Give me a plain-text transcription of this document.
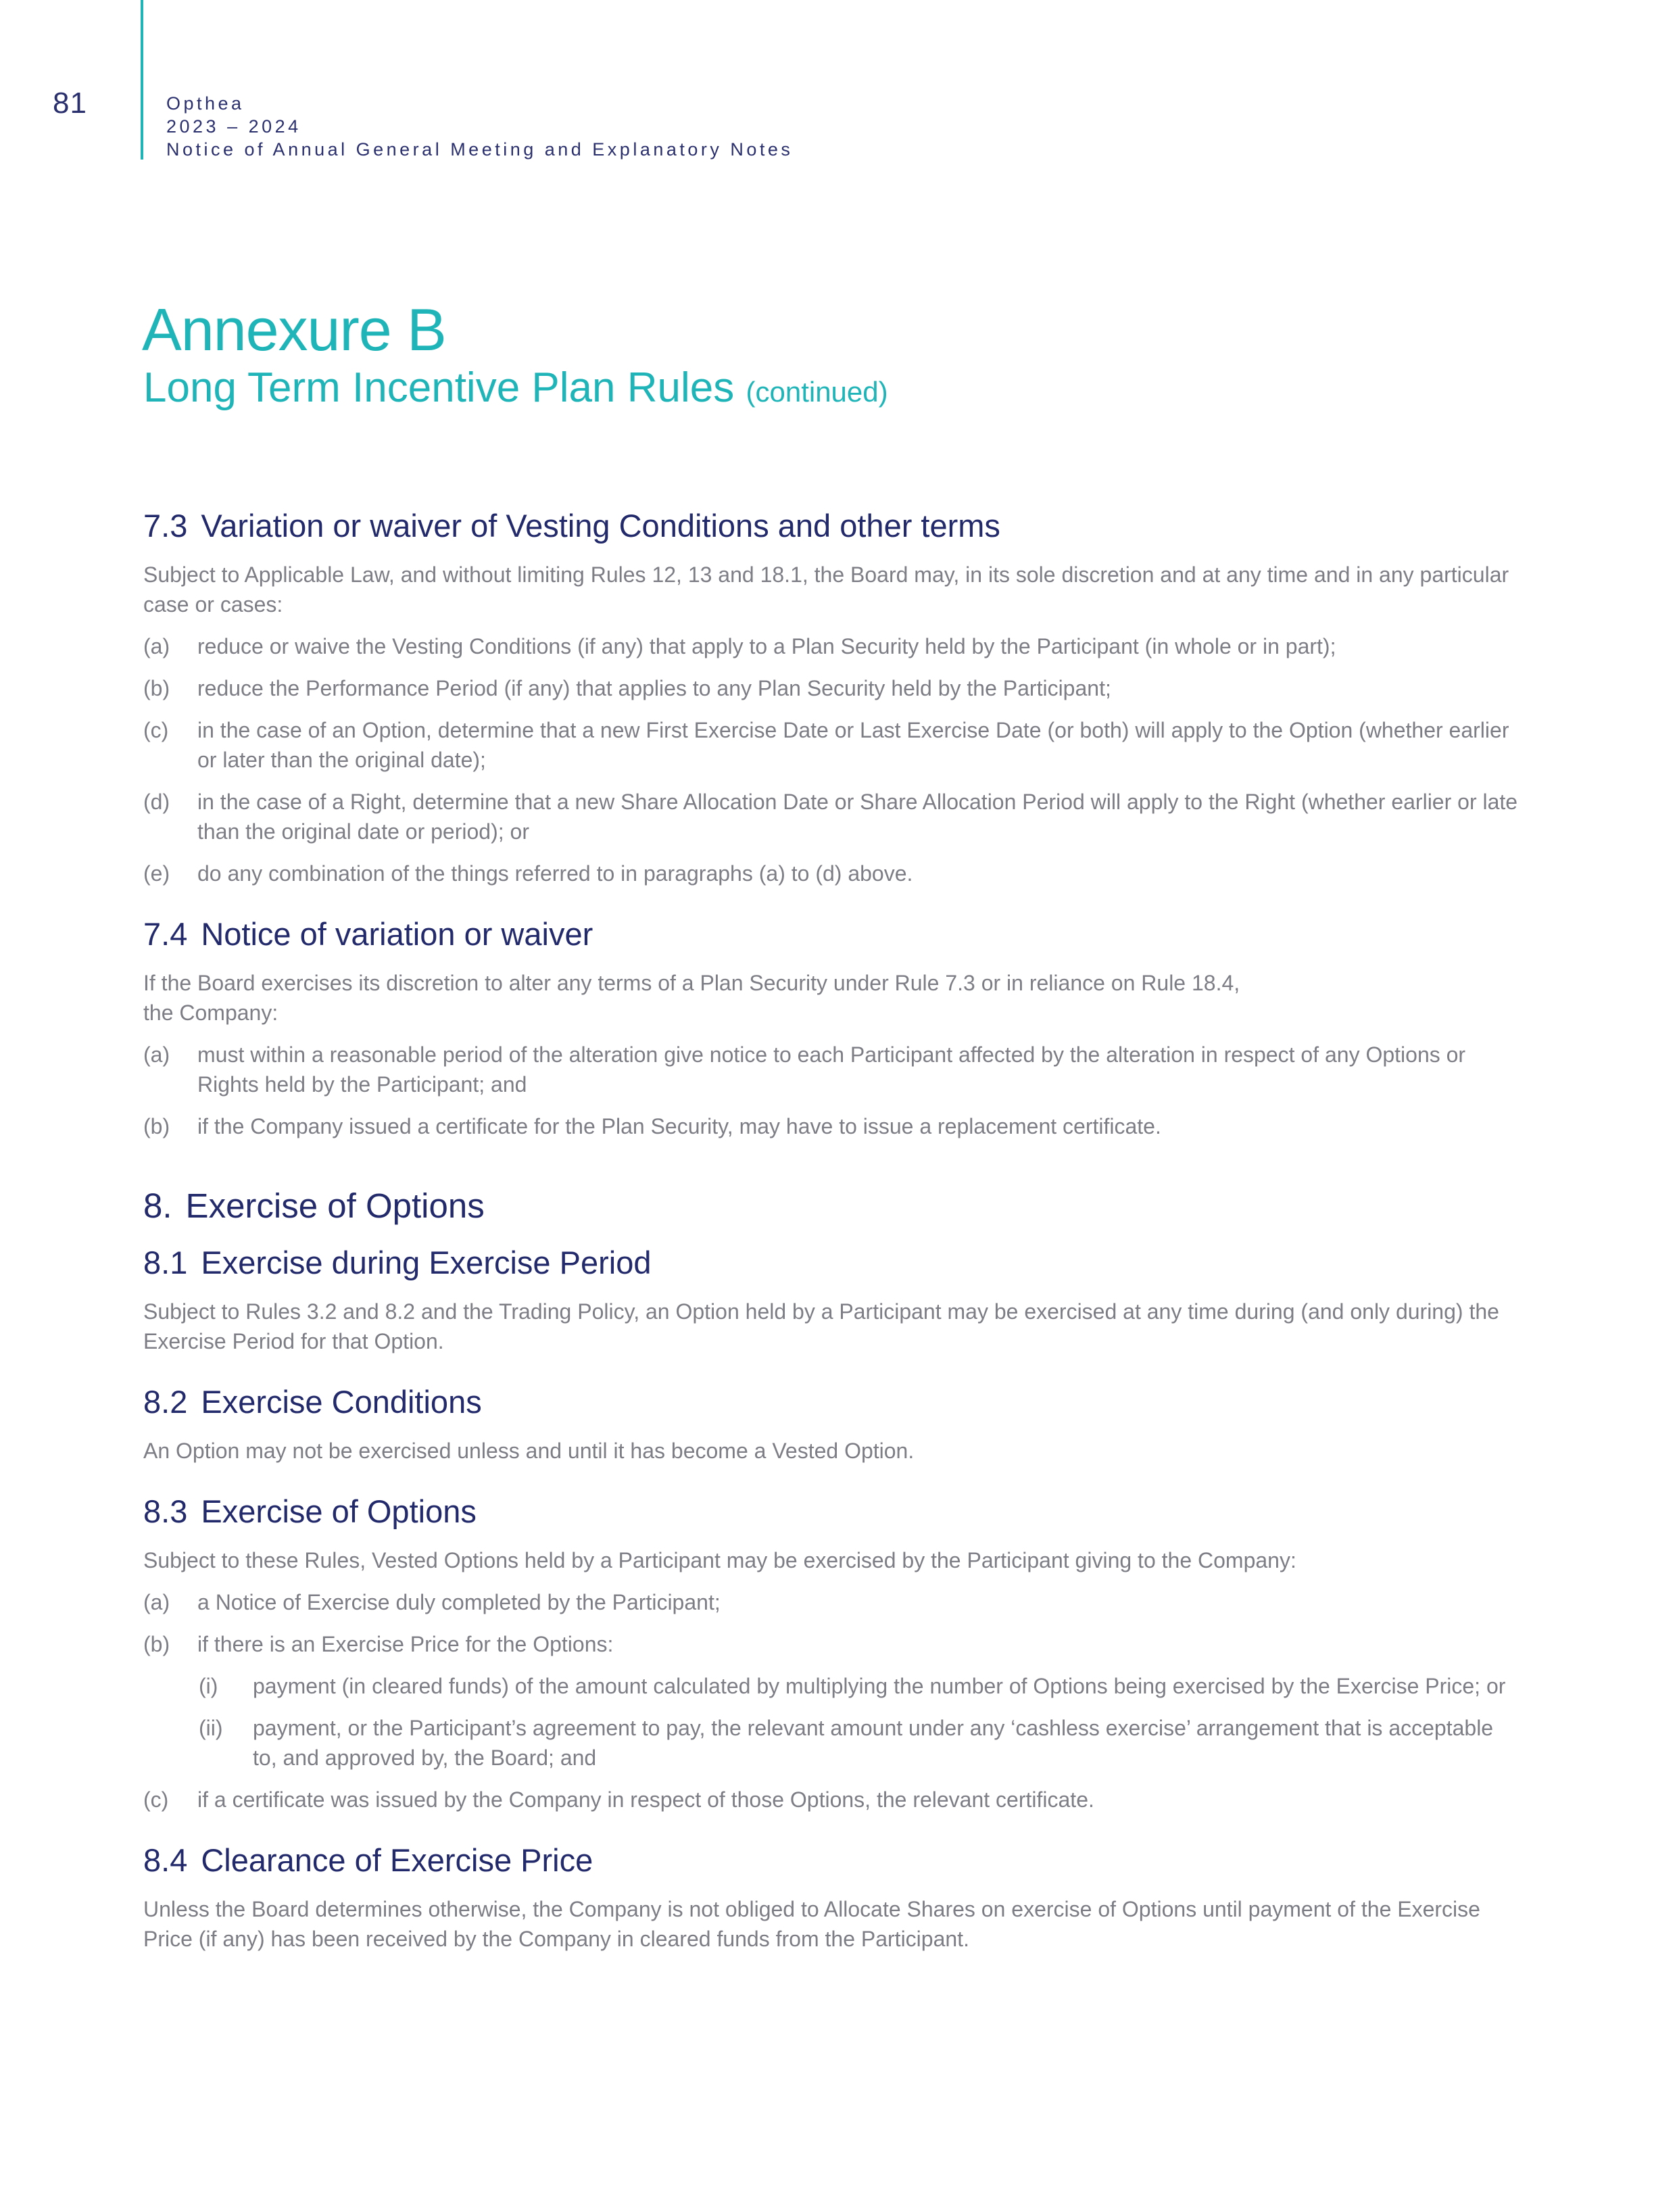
81	Opthea
2023 – 2024
Notice of Annual General Meeting and Explanatory Notes
Annexure B
Long Term Incentive Plan Rules (continued)
7.3 Variation or waiver of Vesting Conditions and other terms

Subject to Applicable Law, and without limiting Rules 12, 13 and 18.1, the Board may, in its sole discretion and at any time and in any particular case or cases:

(a) reduce or waive the Vesting Conditions (if any) that apply to a Plan Security held by the Participant (in whole or in part);
(b) reduce the Performance Period (if any) that applies to any Plan Security held by the Participant;
(c) in the case of an Option, determine that a new First Exercise Date or Last Exercise Date (or both) will apply to the Option (whether earlier or later than the original date);
(d) in the case of a Right, determine that a new Share Allocation Date or Share Allocation Period will apply to the Right (whether earlier or late than the original date or period); or
(e) do any combination of the things referred to in paragraphs (a) to (d) above.
7.4 Notice of variation or waiver

If the Board exercises its discretion to alter any terms of a Plan Security under Rule 7.3 or in reliance on Rule 18.4,
the Company:

(a) must within a reasonable period of the alteration give notice to each Participant affected by the alteration in respect of any Options or Rights held by the Participant; and
(b) if the Company issued a certificate for the Plan Security, may have to issue a replacement certificate.
8. Exercise of Options
8.1 Exercise during Exercise Period

Subject to Rules 3.2 and 8.2 and the Trading Policy, an Option held by a Participant may be exercised at any time during (and only during) the Exercise Period for that Option.

8.2 Exercise Conditions

An Option may not be exercised unless and until it has become a Vested Option.

8.3 Exercise of Options

Subject to these Rules, Vested Options held by a Participant may be exercised by the Participant giving to the Company:

(a) a Notice of Exercise duly completed by the Participant;
(b) if there is an Exercise Price for the Options:
(i) payment (in cleared funds) of the amount calculated by multiplying the number of Options being exercised by the Exercise Price; or
(ii) payment, or the Participant’s agreement to pay, the relevant amount under any ‘cashless exercise’ arrangement that is acceptable to, and approved by, the Board; and
(c) if a certificate was issued by the Company in respect of those Options, the relevant certificate.
8.4 Clearance of Exercise Price

Unless the Board determines otherwise, the Company is not obliged to Allocate Shares on exercise of Options until payment of the Exercise Price (if any) has been received by the Company in cleared funds from the Participant.
